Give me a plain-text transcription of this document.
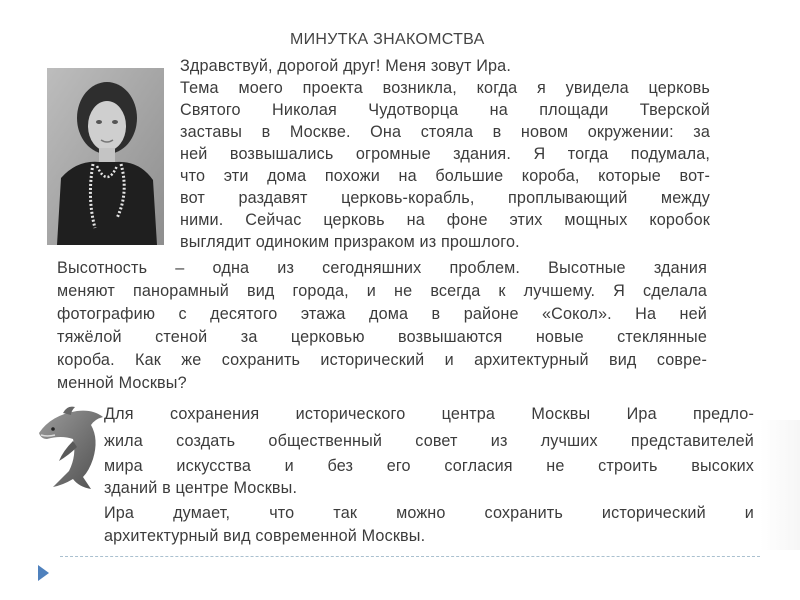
МИНУТКА ЗНАКОМСТВА
Здравствуй, дорогой друг! Меня зовут Ира.
Тема моего проекта возникла, когда я увидела церковь
Святого Николая Чудотворца на площади Тверской
заставы в Москве. Она стояла в новом окружении: за
ней возвышались огромные здания. Я тогда подумала,
что эти дома похожи на большие короба, которые вот-
вот раздавят церковь-корабль, проплывающий между
ними. Сейчас церковь на фоне этих мощных коробок
выглядит одиноким призраком из прошлого.
Высотность – одна из сегодняшних проблем. Высотные здания
меняют панорамный вид города, и не всегда к лучшему. Я сделала
фотографию с десятого этажа дома в районе «Сокол». На ней
тяжёлой стеной за церковью возвышаются новые стеклянные
короба. Как же сохранить исторический и архитектурный вид совре-
менной Москвы?
Для сохранения исторического центра Москвы Ира предло-
жила создать общественный совет из лучших представителей
мира искусства и без его согласия не строить высоких
зданий в центре Москвы.
Ира думает, что так можно сохранить исторический и
архитектурный вид современной Москвы.
